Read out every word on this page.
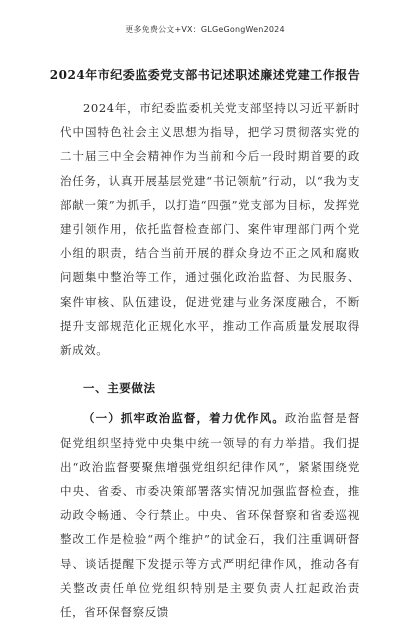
更多免费公文+VX：GLGeGongWen2024
2024年市纪委监委党支部书记述职述廉述党建工作报告

2024年，市纪委监委机关党支部坚持以习近平新时代中国特色社会主义思想为指导，把学习贯彻落实党的二十届三中全会精神作为当前和今后一段时期首要的政治任务，认真开展基层党建“书记领航”行动，以“我为支部献一策”为抓手，以打造“四强”党支部为目标，发挥党建引领作用，依托监督检查部门、案件审理部门两个党小组的职责，结合当前开展的群众身边不正之风和腐败问题集中整治等工作，通过强化政治监督、为民服务、案件审核、队伍建设，促进党建与业务深度融合，不断提升支部规范化正规化水平，推动工作高质量发展取得新成效。

一、主要做法

（一）抓牢政治监督，着力优作风。政治监督是督促党组织坚持党中央集中统一领导的有力举措。我们提出“政治监督要聚焦增强党组织纪律作风”，紧紧围绕党中央、省委、市委决策部署落实情况加强监督检查，推动政令畅通、令行禁止。中央、省环保督察和省委巡视整改工作是检验“两个维护”的试金石，我们注重调研督导、谈话提醒下发提示等方式严明纪律作风，推动各有关整改责任单位党组织特别是主要负责人扛起政治责任，省环保督察反馈
